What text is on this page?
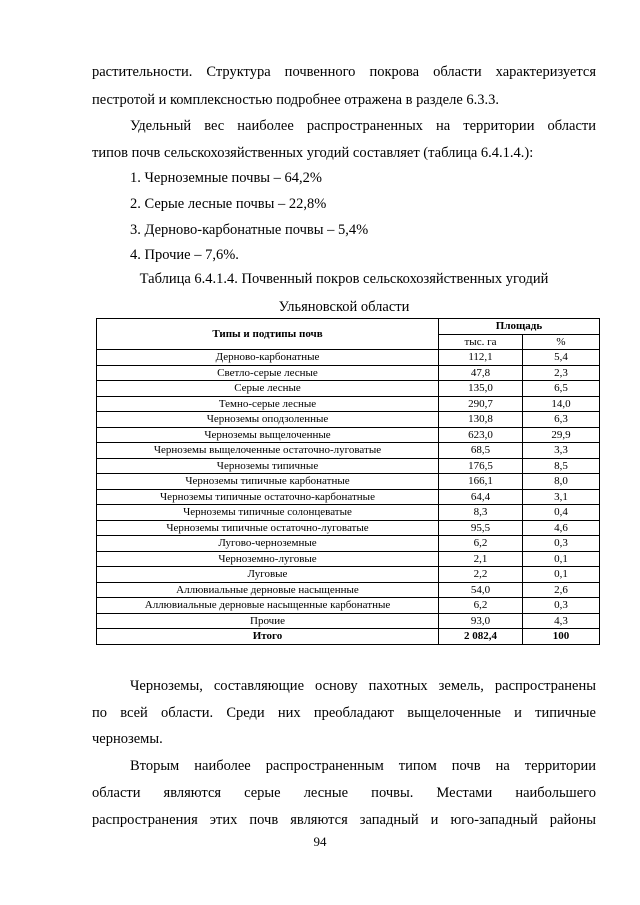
растительности. Структура почвенного покрова области характеризуется

пестротой и комплексностью подробнее отражена в разделе 6.3.3.

Удельный вес наиболее распространенных на территории области

типов почв сельскохозяйственных угодий составляет (таблица 6.4.1.4.):

1. Черноземные почвы – 64,2%

2. Серые лесные почвы – 22,8%

3. Дерново-карбонатные почвы – 5,4%

4. Прочие – 7,6%.

Таблица 6.4.1.4. Почвенный покров сельскохозяйственных угодий

Ульяновской области

Типы и подтипы почв	Площадь	
	тыс. га	%
Дерново-карбонатные	112,1	5,4
Светло-серые лесные	47,8	2,3
Серые лесные	135,0	6,5
Темно-серые лесные	290,7	14,0
Черноземы оподзоленные	130,8	6,3
Черноземы выщелоченные	623,0	29,9
Черноземы выщелоченные остаточно-луговатые	68,5	3,3
Черноземы типичные	176,5	8,5
Черноземы типичные карбонатные	166,1	8,0
Черноземы типичные остаточно-карбонатные	64,4	3,1
Черноземы типичные солонцеватые	8,3	0,4
Черноземы типичные остаточно-луговатые	95,5	4,6
Лугово-черноземные	6,2	0,3
Черноземно-луговые	2,1	0,1
Луговые	2,2	0,1
Аллювиальные дерновые насыщенные	54,0	2,6
Аллювиальные дерновые насыщенные карбонатные	6,2	0,3
Прочие	93,0	4,3
Итого	2 082,4	100

Черноземы, составляющие основу пахотных земель, распространены

по всей области. Среди них преобладают выщелоченные и типичные

черноземы.

Вторым наиболее распространенным типом почв на территории

области являются серые лесные почвы. Местами наибольшего

распространения этих почв являются западный и юго-западный районы

94
